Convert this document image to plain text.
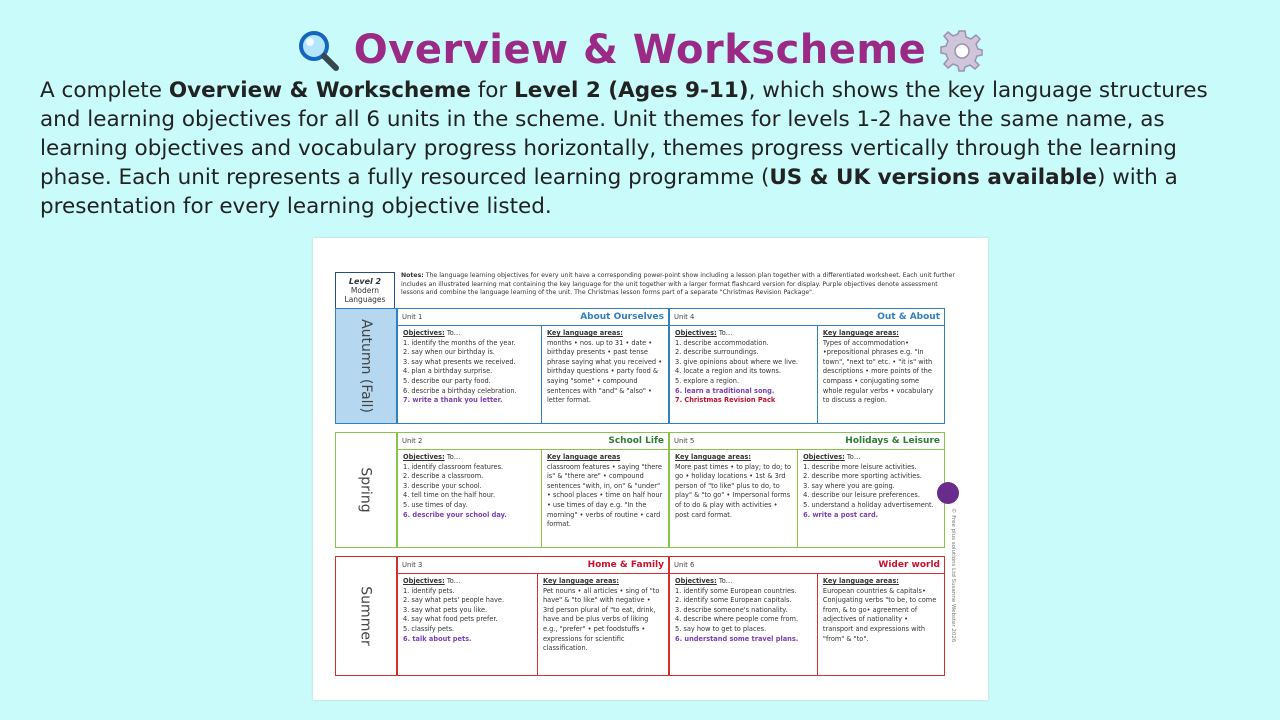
Overview & Workscheme
A complete Overview & Workscheme for Level 2 (Ages 9-11), which shows the key language structures and learning objectives for all 6 units in the scheme. Unit themes for levels 1-2 have the same name, as learning objectives and vocabulary progress horizontally, themes progress vertically through the learning phase. Each unit represents a fully resourced learning programme (US & UK versions available) with a presentation for every learning objective listed.
Level 2
Modern
Languages
Notes: The language learning objectives for every unit have a corresponding power-point show including a lesson plan together with a differentiated worksheet. Each unit further includes an illustrated learning mat containing the key language for the unit together with a larger format flashcard version for display. Purple objectives denote assessment lessons and combine the language learning of the unit. The Christmas lesson forms part of a separate "Christmas Revision Package".
Autumn (Fall)
Unit 1	About Ourselves
Objectives: To…
1. identify the months of the year.
2. say when our birthday is.
3. say what presents we received.
4. plan a birthday surprise.
5. describe our party food.
6. describe a birthday celebration.
7. write a thank you letter.
Key language areas:
months • nos. up to 31 • date • birthday presents • past tense phrase saying what you received • birthday questions • party food & saying "some" • compound sentences with "and" & "also" • letter format.
Unit 4	Out & About
Objectives: To…
1. describe accommodation.
2. describe surroundings.
3. give opinions about where we live.
4. locate a region and its towns.
5. explore a region.
6. learn a traditional song.
7. Christmas Revision Pack
Key language areas:
Types of accommodation• •prepositional phrases e.g. "In town", "next to" etc. • "it is" with descriptions • more points of the compass • conjugating some whole regular verbs • vocabulary to discuss a region.
Spring
Unit 2	School Life
Objectives: To…
1. identify classroom features.
2. describe a classroom.
3. describe your school.
4. tell time on the half hour.
5. use times of day.
6. describe your school day.
Key language areas
classroom features • saying "there is" & "there are" • compound sentences "with, in, on" & "under" • school places • time on half hour • use times of day e.g. "In the morning" • verbs of routine • card format.
Unit 5	Holidays & Leisure
Key language areas:
More past times • to play; to do; to go • holiday locations • 1st & 3rd person of "to like" plus to do, to play" & "to go" • Impersonal forms of to do & play with activities • post card format.
Objectives: To…
1. describe more leisure activities.
2. describe more sporting activities.
3. say where you are going.
4. describe our leisure preferences.
5. understand a holiday advertisement.
6. write a post card.
Summer
Unit 3	Home & Family
Objectives: To…
1. identify pets.
2. say what pets' people have.
3. say what pets you like.
4. say what food pets prefer.
5. classify pets.
6. talk about pets.
Key language areas:
Pet nouns • all articles • sing of "to have" & "to like" with negative • 3rd person plural of "to eat, drink, have and be plus verbs of liking e.g., "prefer" • pet foodstuffs • expressions for scientific classification.
Unit 6	Wider world
Objectives: To…
1. identify some European countries.
2. identify some European capitals.
3. describe someone's nationality.
4. describe where people come from.
5. say how to get to places.
6. understand some travel plans.
Key language areas:
European countries & capitals• Conjugating verbs "to be, to come from, & to go• agreement of adjectives of nationality • transport and expressions with "from" & "to".	© Free plus solutions Ltd Susanne Webster 2026
